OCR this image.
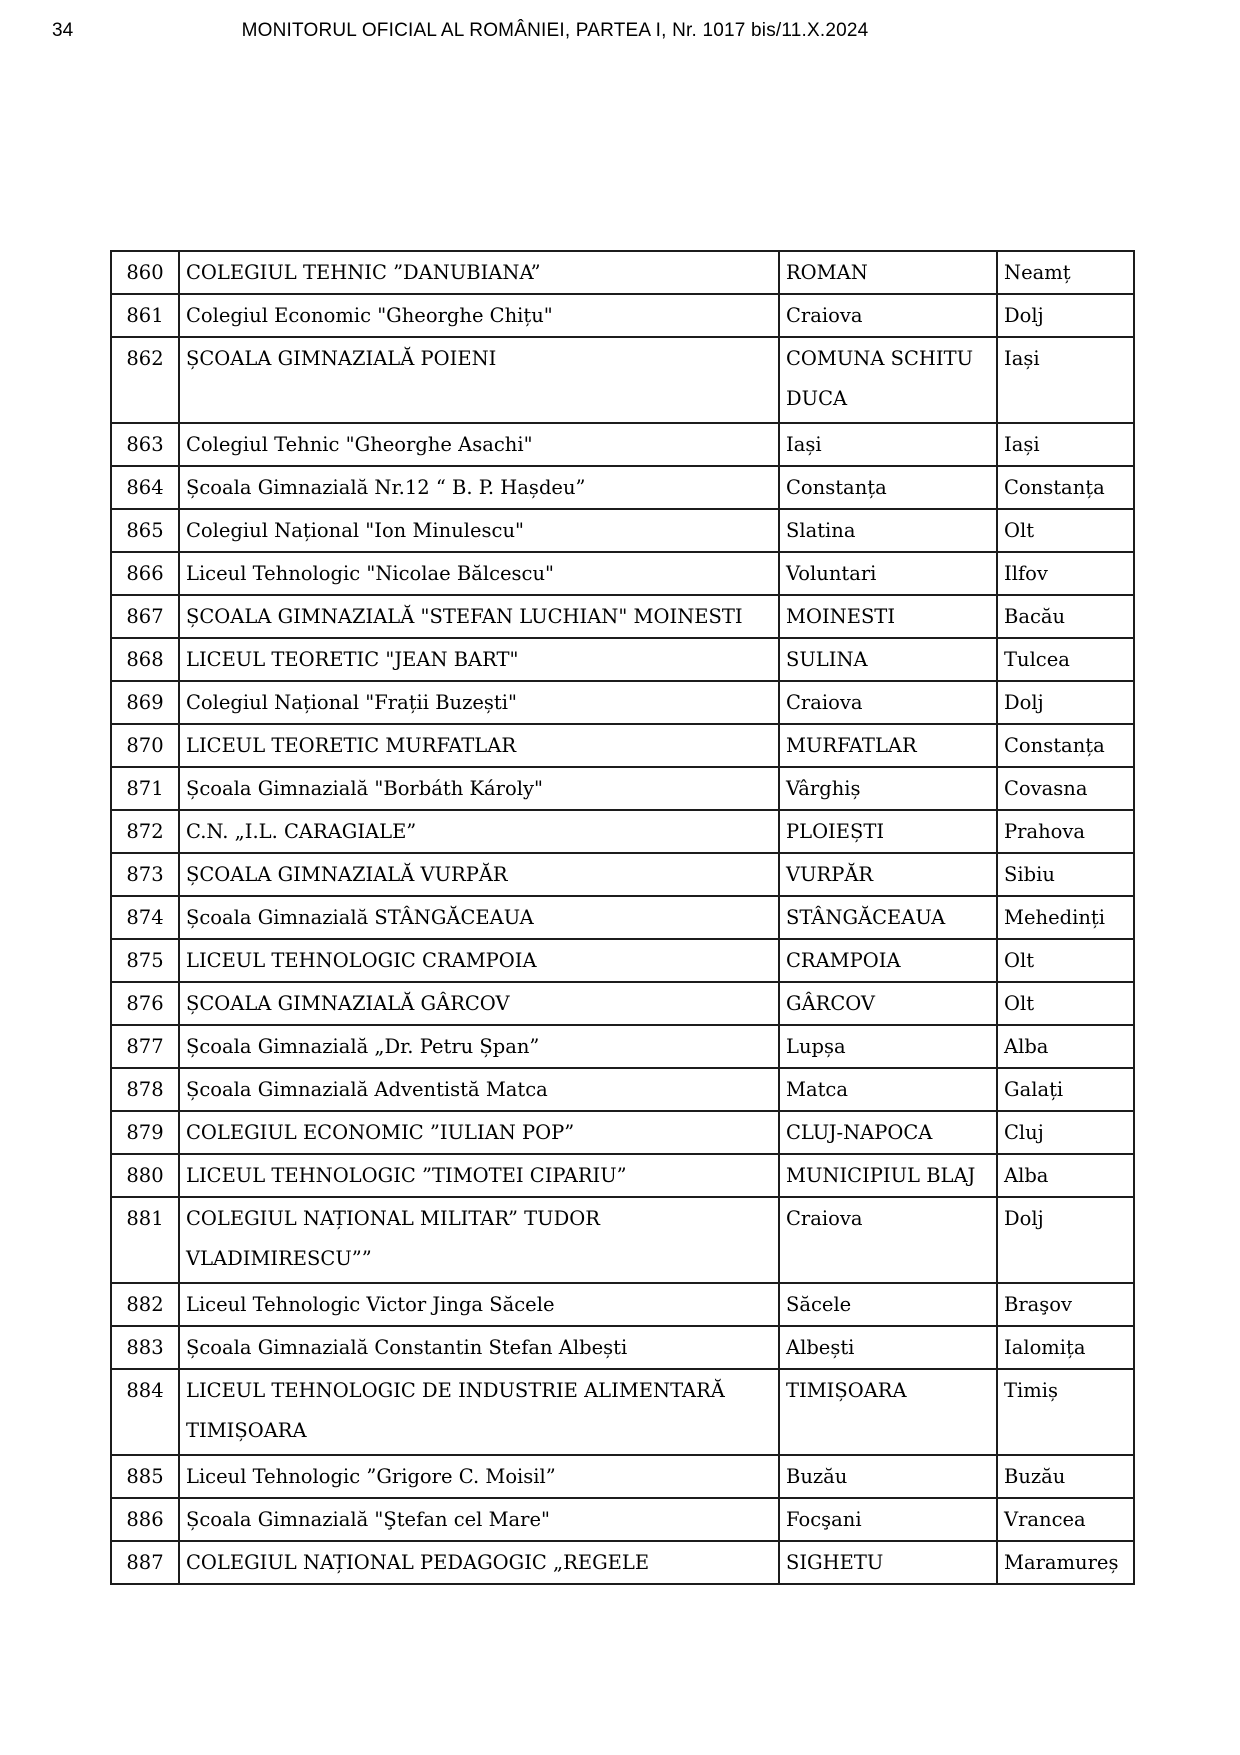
34	MONITORUL OFICIAL AL ROMÂNIEI, PARTEA I, Nr. 1017 bis/11.X.2024
860	COLEGIUL TEHNIC ”DANUBIANA”	ROMAN	Neamț
861	Colegiul Economic "Gheorghe Chițu"	Craiova	Dolj
862	ȘCOALA GIMNAZIALĂ POIENI	COMUNA SCHITU DUCA	Iași
863	Colegiul Tehnic "Gheorghe Asachi"	Iași	Iași
864	Școala Gimnazială Nr.12 “ B. P. Hașdeu”	Constanța	Constanța
865	Colegiul Național "Ion Minulescu"	Slatina	Olt
866	Liceul Tehnologic "Nicolae Bălcescu"	Voluntari	Ilfov
867	ȘCOALA GIMNAZIALĂ "STEFAN LUCHIAN" MOINESTI	MOINESTI	Bacău
868	LICEUL TEORETIC "JEAN BART"	SULINA	Tulcea
869	Colegiul Național "Frații Buzești"	Craiova	Dolj
870	LICEUL TEORETIC MURFATLAR	MURFATLAR	Constanța
871	Școala Gimnazială "Borbáth Károly"	Vârghiș	Covasna
872	C.N. „I.L. CARAGIALE”	PLOIEȘTI	Prahova
873	ȘCOALA GIMNAZIALĂ VURPĂR	VURPĂR	Sibiu
874	Școala Gimnazială STÂNGĂCEAUA	STÂNGĂCEAUA	Mehedinți
875	LICEUL TEHNOLOGIC CRAMPOIA	CRAMPOIA	Olt
876	ȘCOALA GIMNAZIALĂ GÂRCOV	GÂRCOV	Olt
877	Școala Gimnazială „Dr. Petru Șpan”	Lupșa	Alba
878	Școala Gimnazială Adventistă Matca	Matca	Galați
879	COLEGIUL ECONOMIC ”IULIAN POP”	CLUJ-NAPOCA	Cluj
880	LICEUL TEHNOLOGIC ”TIMOTEI CIPARIU”	MUNICIPIUL BLAJ	Alba
881	COLEGIUL NAȚIONAL MILITAR” TUDOR VLADIMIRESCU””	Craiova	Dolj
882	Liceul Tehnologic Victor Jinga Săcele	Săcele	Braşov
883	Școala Gimnazială Constantin Stefan Albești	Albești	Ialomița
884	LICEUL TEHNOLOGIC DE INDUSTRIE ALIMENTARĂ TIMIȘOARA	TIMIȘOARA	Timiș
885	Liceul Tehnologic ”Grigore C. Moisil”	Buzău	Buzău
886	Școala Gimnazială "Ştefan cel Mare"	Focşani	Vrancea
887	COLEGIUL NAȚIONAL PEDAGOGIC „REGELE	SIGHETU	Maramureș
